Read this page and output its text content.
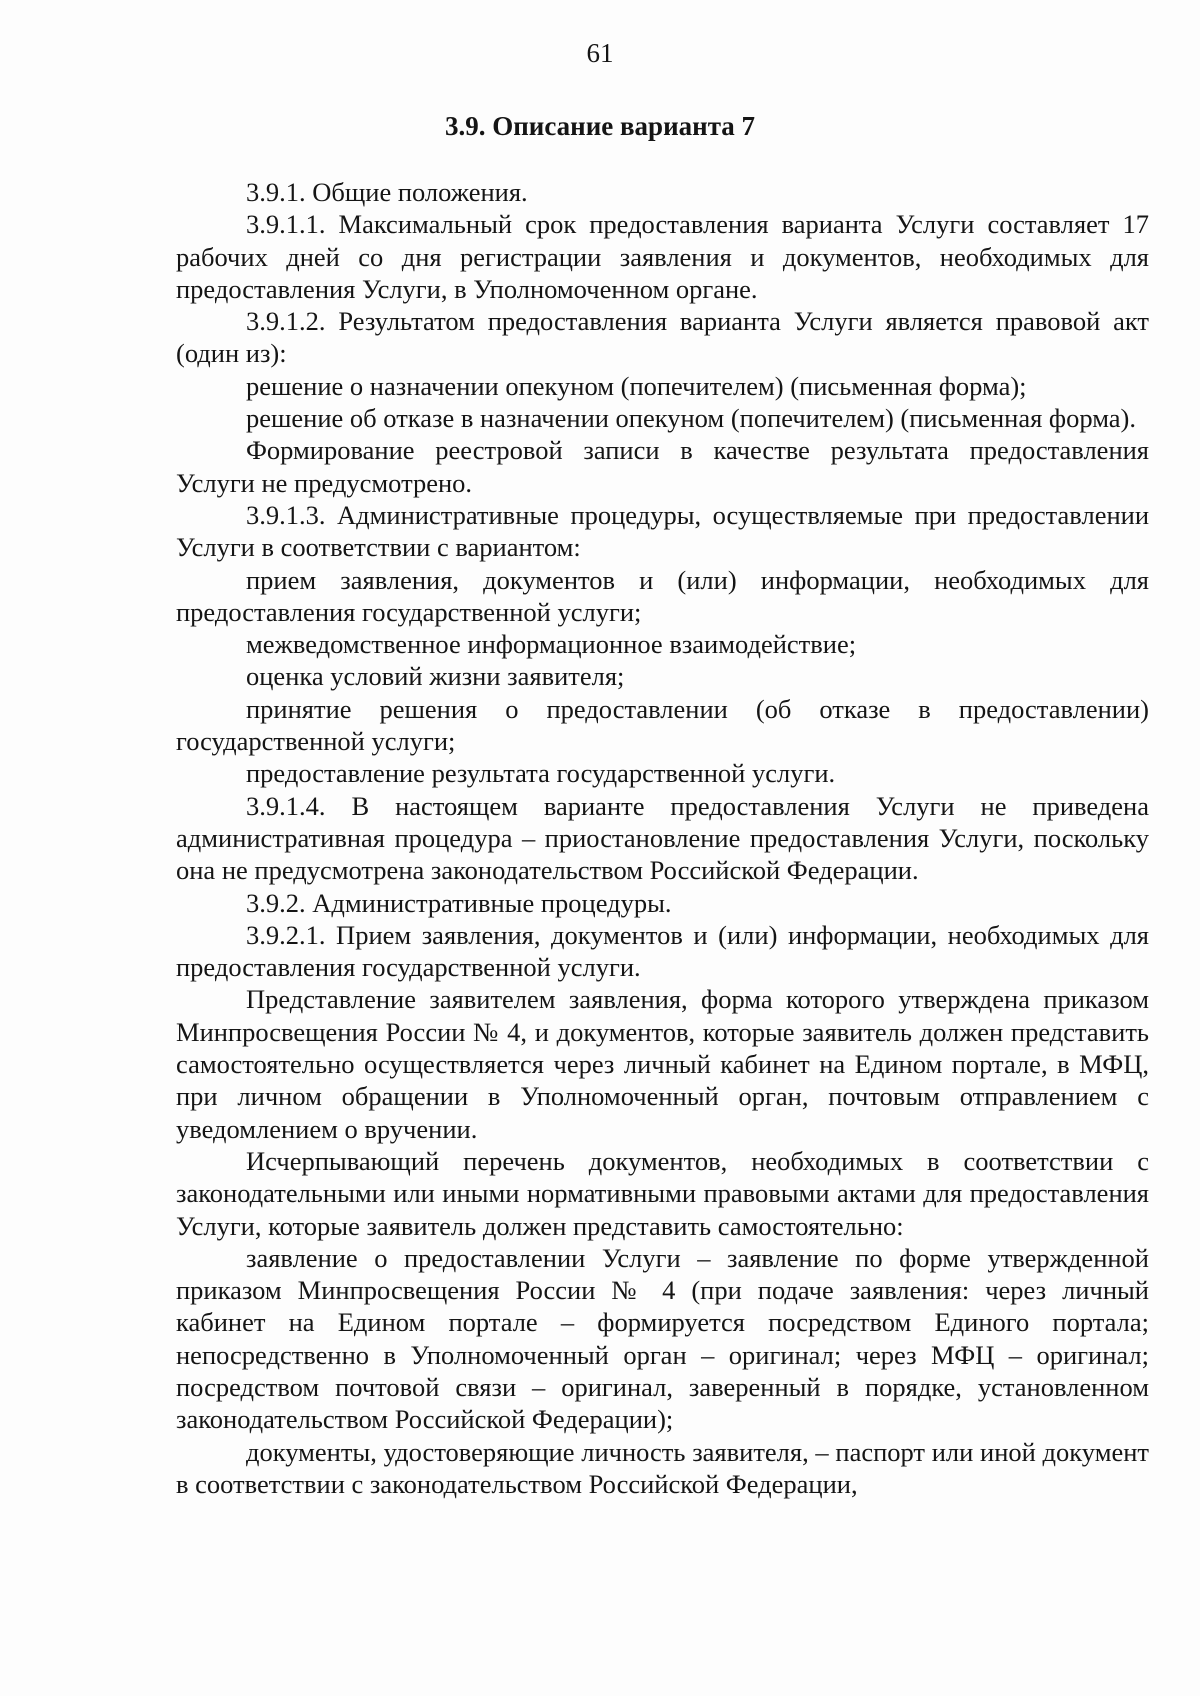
61
3.9. Описание варианта 7

3.9.1. Общие положения.

3.9.1.1. Максимальный срок предоставления варианта Услуги составляет 17 рабочих дней со дня регистрации заявления и документов, необходимых для предоставления Услуги, в Уполномоченном органе.

3.9.1.2. Результатом предоставления варианта Услуги является правовой акт (один из):

решение о назначении опекуном (попечителем) (письменная форма);

решение об отказе в назначении опекуном (попечителем) (письменная форма).

Формирование реестровой записи в качестве результата предоставления Услуги не предусмотрено.

3.9.1.3. Административные процедуры, осуществляемые при предоставлении Услуги в соответствии с вариантом:

прием заявления, документов и (или) информации, необходимых для предоставления государственной услуги;

межведомственное информационное взаимодействие;

оценка условий жизни заявителя;

принятие решения о предоставлении (об отказе в предоставлении) государственной услуги;

предоставление результата государственной услуги.

3.9.1.4. В настоящем варианте предоставления Услуги не приведена административная процедура – приостановление предоставления Услуги, поскольку она не предусмотрена законодательством Российской Федерации.

3.9.2. Административные процедуры.

3.9.2.1. Прием заявления, документов и (или) информации, необходимых для предоставления государственной услуги.

Представление заявителем заявления, форма которого утверждена приказом Минпросвещения России № 4, и документов, которые заявитель должен представить самостоятельно осуществляется через личный кабинет на Едином портале, в МФЦ, при личном обращении в Уполномоченный орган, почтовым отправлением с уведомлением о вручении.

Исчерпывающий перечень документов, необходимых в соответствии с законодательными или иными нормативными правовыми актами для предоставления Услуги, которые заявитель должен представить самостоятельно:

заявление о предоставлении Услуги – заявление по форме утвержденной приказом Минпросвещения России № 4 (при подаче заявления: через личный кабинет на Едином портале – формируется посредством Единого портала; непосредственно в Уполномоченный орган – оригинал; через МФЦ – оригинал; посредством почтовой связи – оригинал, заверенный в порядке, установленном законодательством Российской Федерации);

документы, удостоверяющие личность заявителя, – паспорт или иной документ в соответствии с законодательством Российской Федерации,
